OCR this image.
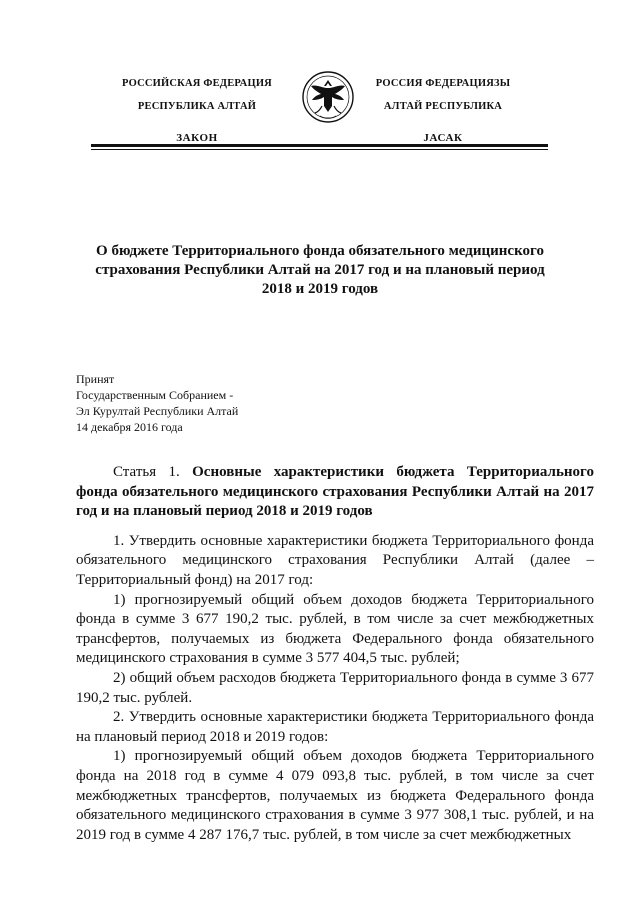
РОССИЙСКАЯ ФЕДЕРАЦИЯ
РЕСПУБЛИКА АЛТАЙ
ЗАКОН
РОССИЯ ФЕДЕРАЦИЯЗЫ
АЛТАЙ РЕСПУБЛИКА
JАСАК
О бюджете Территориального фонда обязательного медицинского страхования Республики Алтай на 2017 год и на плановый период 2018 и 2019 годов
Принят
Государственным Собранием -
Эл Курултай Республики Алтай
14 декабря 2016 года

Статья 1. Основные характеристики бюджета Территориального фонда обязательного медицинского страхования Республики Алтай на 2017 год и на плановый период 2018 и 2019 годов

1. Утвердить основные характеристики бюджета Территориального фонда обязательного медицинского страхования Республики Алтай (далее – Территориальный фонд) на 2017 год:

1) прогнозируемый общий объем доходов бюджета Территориального фонда в сумме 3 677 190,2 тыс. рублей, в том числе за счет межбюджетных трансфертов, получаемых из бюджета Федерального фонда обязательного медицинского страхования в сумме 3 577 404,5 тыс. рублей;

2) общий объем расходов бюджета Территориального фонда в сумме 3 677 190,2 тыс. рублей.

2. Утвердить основные характеристики бюджета Территориального фонда на плановый период 2018 и 2019 годов:

1) прогнозируемый общий объем доходов бюджета Территориального фонда на 2018 год в сумме 4 079 093,8 тыс. рублей, в том числе за счет межбюджетных трансфертов, получаемых из бюджета Федерального фонда обязательного медицинского страхования в сумме 3 977 308,1 тыс. рублей, и на 2019 год в сумме 4 287 176,7 тыс. рублей, в том числе за счет межбюджетных
